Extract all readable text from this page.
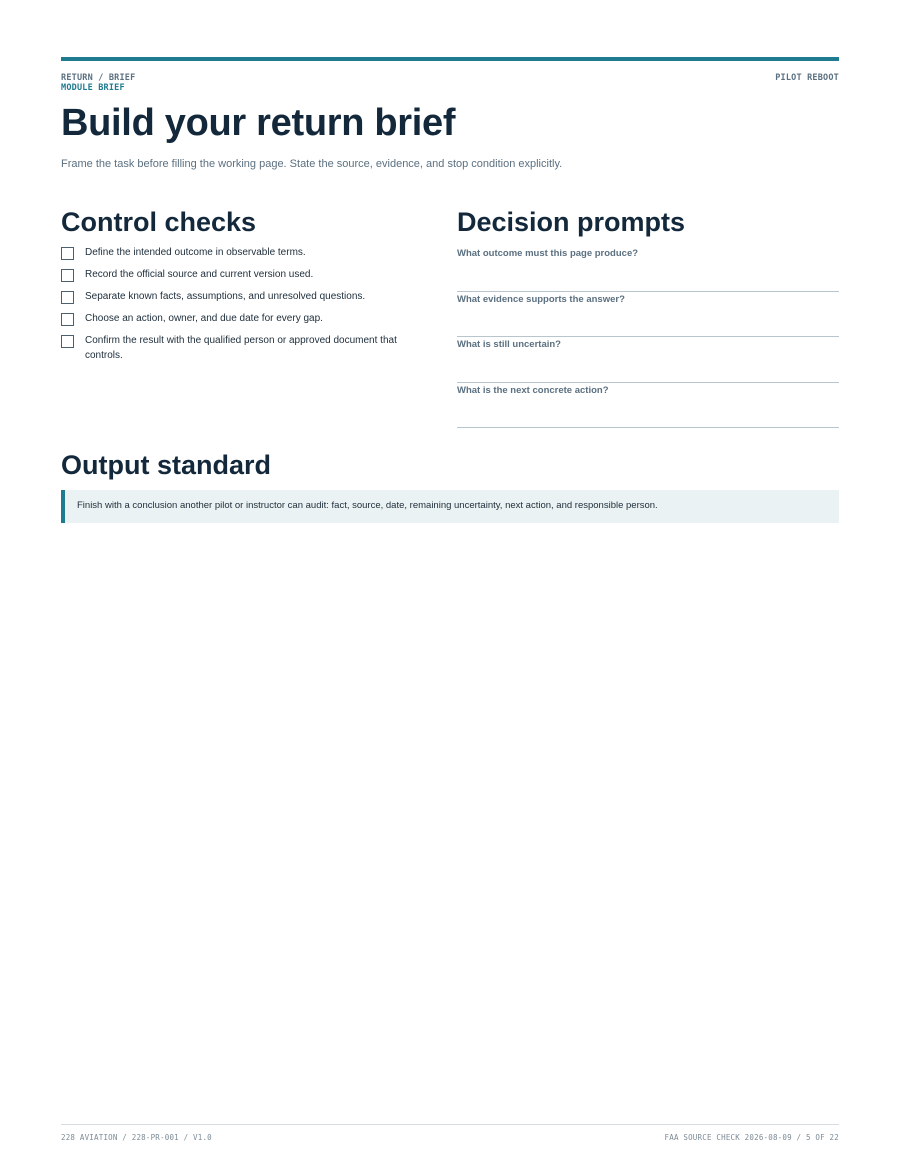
RETURN / BRIEF
MODULE BRIEF
PILOT REBOOT
Build your return brief

Frame the task before filling the working page. State the source, evidence, and stop condition explicitly.

Control checks
Define the intended outcome in observable terms.
Record the official source and current version used.
Separate known facts, assumptions, and unresolved questions.
Choose an action, owner, and due date for every gap.
Confirm the result with the qualified person or approved document that controls.
Decision prompts
What outcome must this page produce?
What evidence supports the answer?
What is still uncertain?
What is the next concrete action?
Output standard
Finish with a conclusion another pilot or instructor can audit: fact, source, date, remaining uncertainty, next action, and responsible person.
228 AVIATION / 228-PR-001 / V1.0	FAA SOURCE CHECK 2026-08-09 / 5 OF 22
